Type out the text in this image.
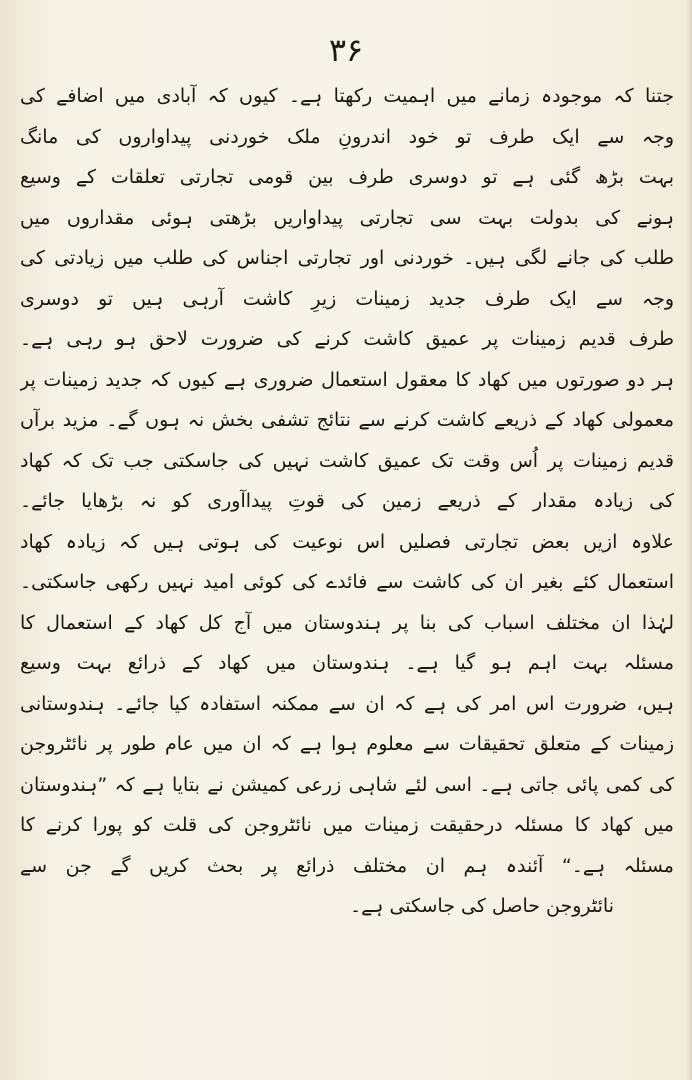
۳۶
جتنا کہ موجودہ زمانے میں اہمیت رکھتا ہے۔ کیوں کہ آبادی میں اضافے کی
وجہ سے ایک طرف تو خود اندرونِ ملک خوردنی پیداواروں کی مانگ
بہت بڑھ گئی ہے تو دوسری طرف بین قومی تجارتی تعلقات کے وسیع
ہونے کی بدولت بہت سی تجارتی پیداواریں بڑھتی ہوئی مقداروں میں
طلب کی جانے لگی ہیں۔ خوردنی اور تجارتی اجناس کی طلب میں زیادتی کی
وجہ سے ایک طرف جدید زمینات زیرِ کاشت آرہی ہیں تو دوسری
طرف قدیم زمینات پر عمیق کاشت کرنے کی ضرورت لاحق ہو رہی ہے۔
ہر دو صورتوں میں کھاد کا معقول استعمال ضروری ہے کیوں کہ جدید زمینات پر
معمولی کھاد کے ذریعے کاشت کرنے سے نتائج تشفی بخش نہ ہوں گے۔ مزید برآں
قدیم زمینات پر اُس وقت تک عمیق کاشت نہیں کی جاسکتی جب تک کہ کھاد
کی زیادہ مقدار کے ذریعے زمین کی قوتِ پیداآوری کو نہ بڑھایا جائے۔
علاوہ ازیں بعض تجارتی فصلیں اس نوعیت کی ہوتی ہیں کہ زیادہ کھاد
استعمال کئے بغیر ان کی کاشت سے فائدے کی کوئی امید نہیں رکھی جاسکتی۔
لہٰذا ان مختلف اسباب کی بنا پر ہندوستان میں آج کل کھاد کے استعمال کا
مسئلہ بہت اہم ہو گیا ہے۔ ہندوستان میں کھاد کے ذرائع بہت وسیع
ہیں، ضرورت اس امر کی ہے کہ ان سے ممکنہ استفادہ کیا جائے۔ ہندوستانی
زمینات کے متعلق تحقیقات سے معلوم ہوا ہے کہ ان میں عام طور پر نائٹروجن
کی کمی پائی جاتی ہے۔ اسی لئے شاہی زرعی کمیشن نے بتایا ہے کہ ”ہندوستان
میں کھاد کا مسئلہ درحقیقت زمینات میں نائٹروجن کی قلت کو پورا کرنے کا
مسئلہ ہے۔“ آئندہ ہم ان مختلف ذرائع پر بحث کریں گے جن سے
نائٹروجن حاصل کی جاسکتی ہے۔
